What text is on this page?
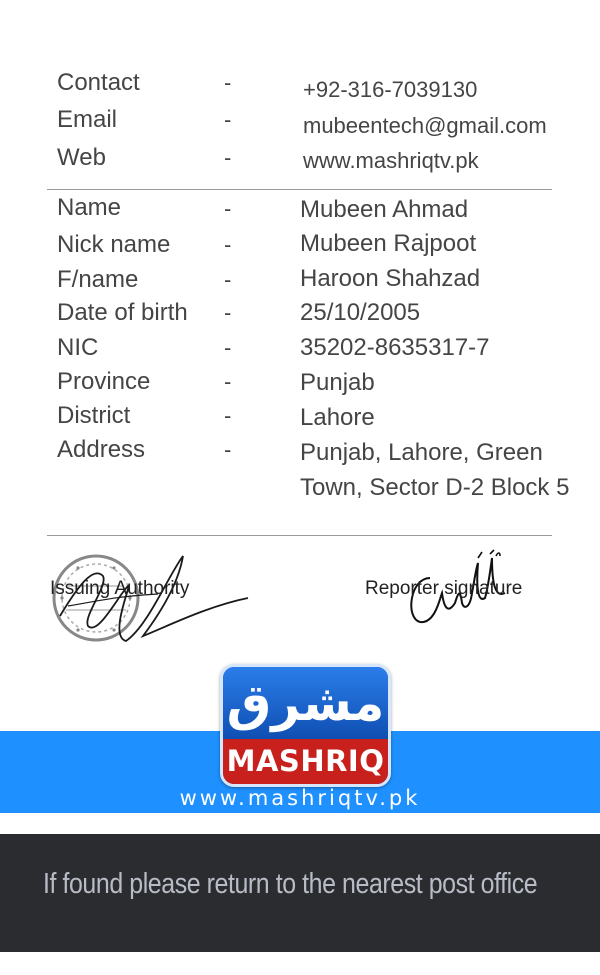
Contact	-	+92-316-7039130
Email	-	mubeentech@gmail.com
Web	-	www.mashriqtv.pk
Name	-	Mubeen Ahmad
Nick name -	Mubeen Rajpoot
F/name	-	Haroon Shahzad
Date of birth -	25/10/2005
NIC	-	35202-8635317-7
Province	-	Punjab
District	-	Lahore
Address	-	Punjab, Lahore, Green
Town, Sector D-2 Block 5
Issuing Authority	Reporter signature
مشرق
MASHRIQ
www.mashriqtv.pk
If found please return to the nearest post office
